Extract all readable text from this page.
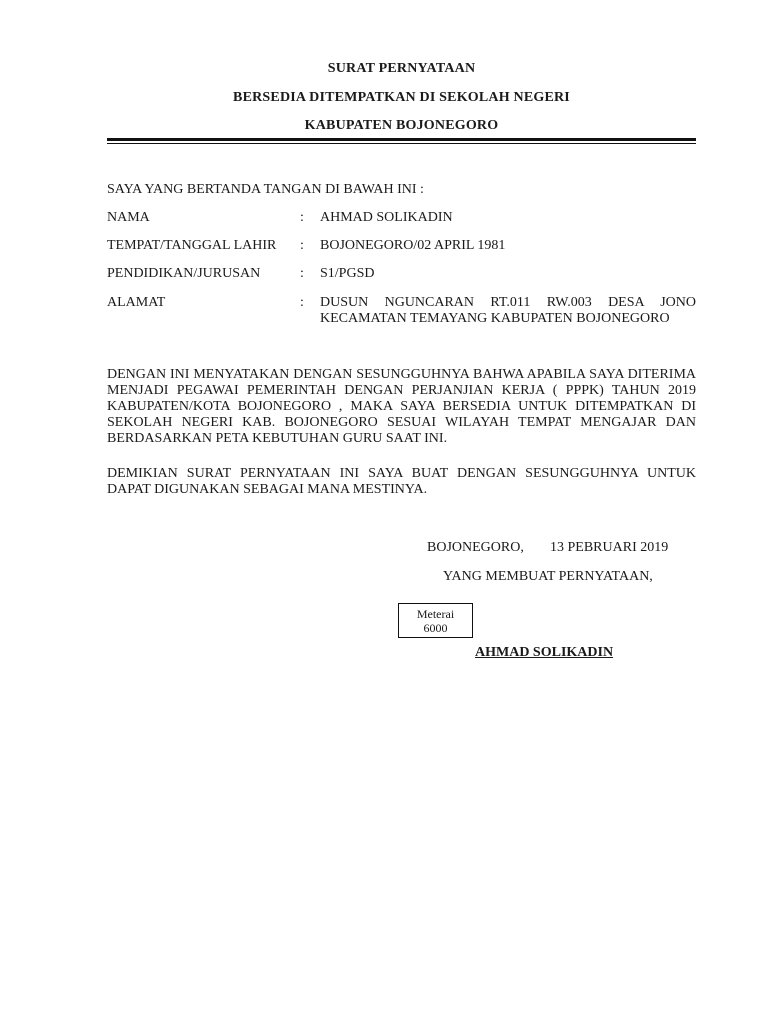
SURAT PERNYATAAN
BERSEDIA DITEMPATKAN DI SEKOLAH NEGERI
KABUPATEN BOJONEGORO
SAYA YANG BERTANDA TANGAN DI BAWAH INI :
NAMA	: AHMAD SOLIKADIN
TEMPAT/TANGGAL LAHIR : BOJONEGORO/02 APRIL 1981
PENDIDIKAN/JURUSAN	: S1/PGSD
ALAMAT	: DUSUN NGUNCARAN RT.011 RW.003 DESA JONO KECAMATAN TEMAYANG KABUPATEN BOJONEGORO
DENGAN INI MENYATAKAN DENGAN SESUNGGUHNYA BAHWA APABILA SAYA DITERIMA MENJADI PEGAWAI PEMERINTAH DENGAN PERJANJIAN KERJA ( PPPK) TAHUN 2019 KABUPATEN/KOTA BOJONEGORO , MAKA SAYA BERSEDIA UNTUK DITEMPATKAN DI SEKOLAH NEGERI KAB. BOJONEGORO SESUAI WILAYAH TEMPAT MENGAJAR DAN BERDASARKAN PETA KEBUTUHAN GURU SAAT INI.
DEMIKIAN SURAT PERNYATAAN INI SAYA BUAT DENGAN SESUNGGUHNYA UNTUK DAPAT DIGUNAKAN SEBAGAI MANA MESTINYA.
BOJONEGORO, 13 PEBRUARI 2019
YANG MEMBUAT PERNYATAAN,
Meterai
6000
AHMAD SOLIKADIN
